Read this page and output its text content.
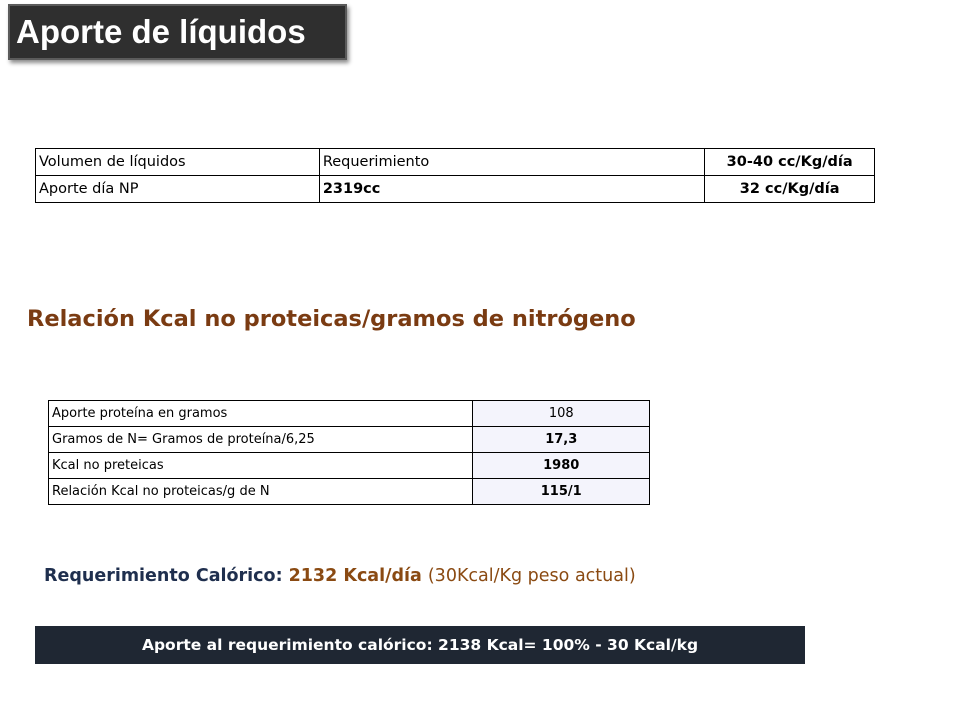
Aporte de líquidos
Volumen de líquidos	Requerimiento	30-40 cc/Kg/día
Aporte día NP	2319cc	32 cc/Kg/día
Relación Kcal no proteicas/gramos de nitrógeno
Aporte proteína en gramos	108
Gramos de N= Gramos de proteína/6,25	17,3
Kcal no preteicas	1980
Relación Kcal no proteicas/g de N	115/1
Requerimiento Calórico: 2132 Kcal/día (30Kcal/Kg peso actual)
Aporte al requerimiento calórico: 2138 Kcal= 100% - 30 Kcal/kg
